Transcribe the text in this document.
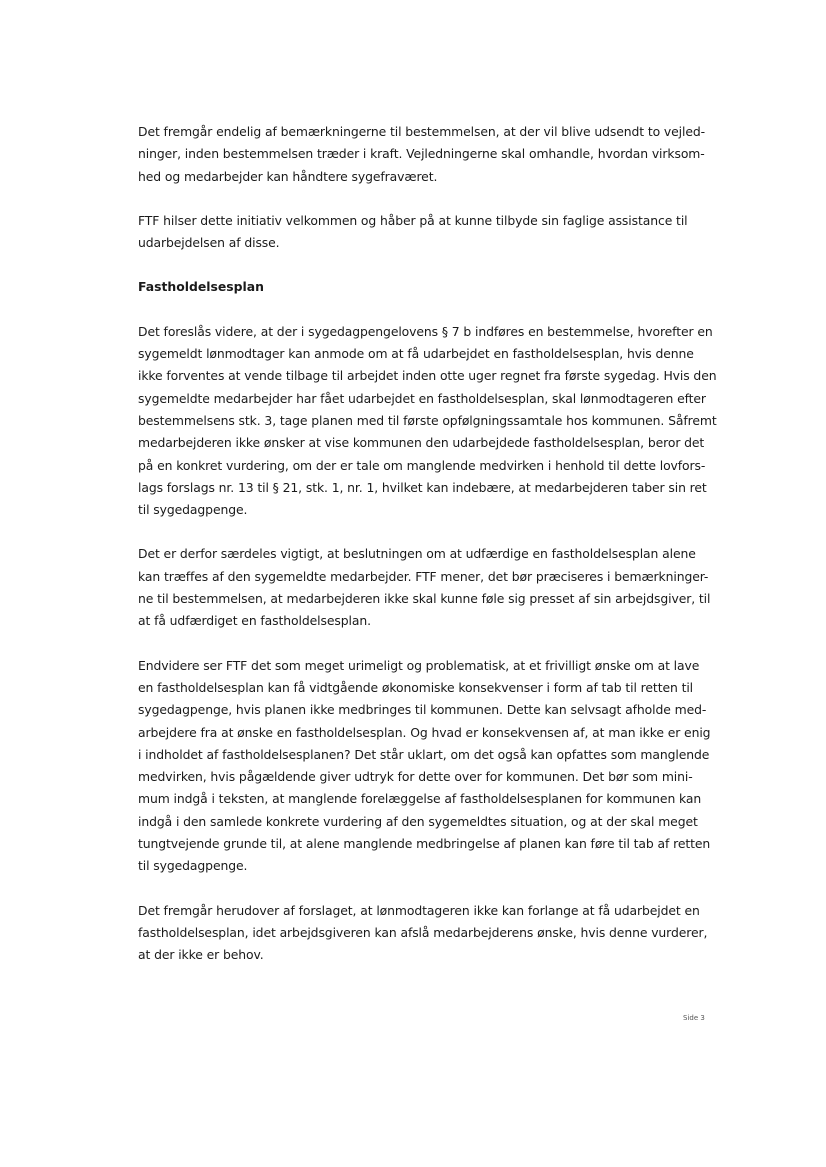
Det fremgår endelig af bemærkningerne til bestemmelsen, at der vil blive udsendt to vejled-
ninger, inden bestemmelsen træder i kraft. Vejledningerne skal omhandle, hvordan virksom-
hed og medarbejder kan håndtere sygefraværet.

FTF hilser dette initiativ velkommen og håber på at kunne tilbyde sin faglige assistance til
udarbejdelsen af disse.

Fastholdelsesplan

Det foreslås videre, at der i sygedagpengelovens § 7 b indføres en bestemmelse, hvorefter en
sygemeldt lønmodtager kan anmode om at få udarbejdet en fastholdelsesplan, hvis denne
ikke forventes at vende tilbage til arbejdet inden otte uger regnet fra første sygedag. Hvis den
sygemeldte medarbejder har fået udarbejdet en fastholdelsesplan, skal lønmodtageren efter
bestemmelsens stk. 3, tage planen med til første opfølgningssamtale hos kommunen. Såfremt
medarbejderen ikke ønsker at vise kommunen den udarbejdede fastholdelsesplan, beror det
på en konkret vurdering, om der er tale om manglende medvirken i henhold til dette lovfors-
lags forslags nr. 13 til § 21, stk. 1, nr. 1, hvilket kan indebære, at medarbejderen taber sin ret
til sygedagpenge.

Det er derfor særdeles vigtigt, at beslutningen om at udfærdige en fastholdelsesplan alene
kan træffes af den sygemeldte medarbejder. FTF mener, det bør præciseres i bemærkninger-
ne til bestemmelsen, at medarbejderen ikke skal kunne føle sig presset af sin arbejdsgiver, til
at få udfærdiget en fastholdelsesplan.

Endvidere ser FTF det som meget urimeligt og problematisk, at et frivilligt ønske om at lave
en fastholdelsesplan kan få vidtgående økonomiske konsekvenser i form af tab til retten til
sygedagpenge, hvis planen ikke medbringes til kommunen. Dette kan selvsagt afholde med-
arbejdere fra at ønske en fastholdelsesplan. Og hvad er konsekvensen af, at man ikke er enig
i indholdet af fastholdelsesplanen? Det står uklart, om det også kan opfattes som manglende
medvirken, hvis pågældende giver udtryk for dette over for kommunen. Det bør som mini-
mum indgå i teksten, at manglende forelæggelse af fastholdelsesplanen for kommunen kan
indgå i den samlede konkrete vurdering af den sygemeldtes situation, og at der skal meget
tungtvejende grunde til, at alene manglende medbringelse af planen kan føre til tab af retten
til sygedagpenge.

Det fremgår herudover af forslaget, at lønmodtageren ikke kan forlange at få udarbejdet en
fastholdelsesplan, idet arbejdsgiveren kan afslå medarbejderens ønske, hvis denne vurderer,
at der ikke er behov.

Side 3
